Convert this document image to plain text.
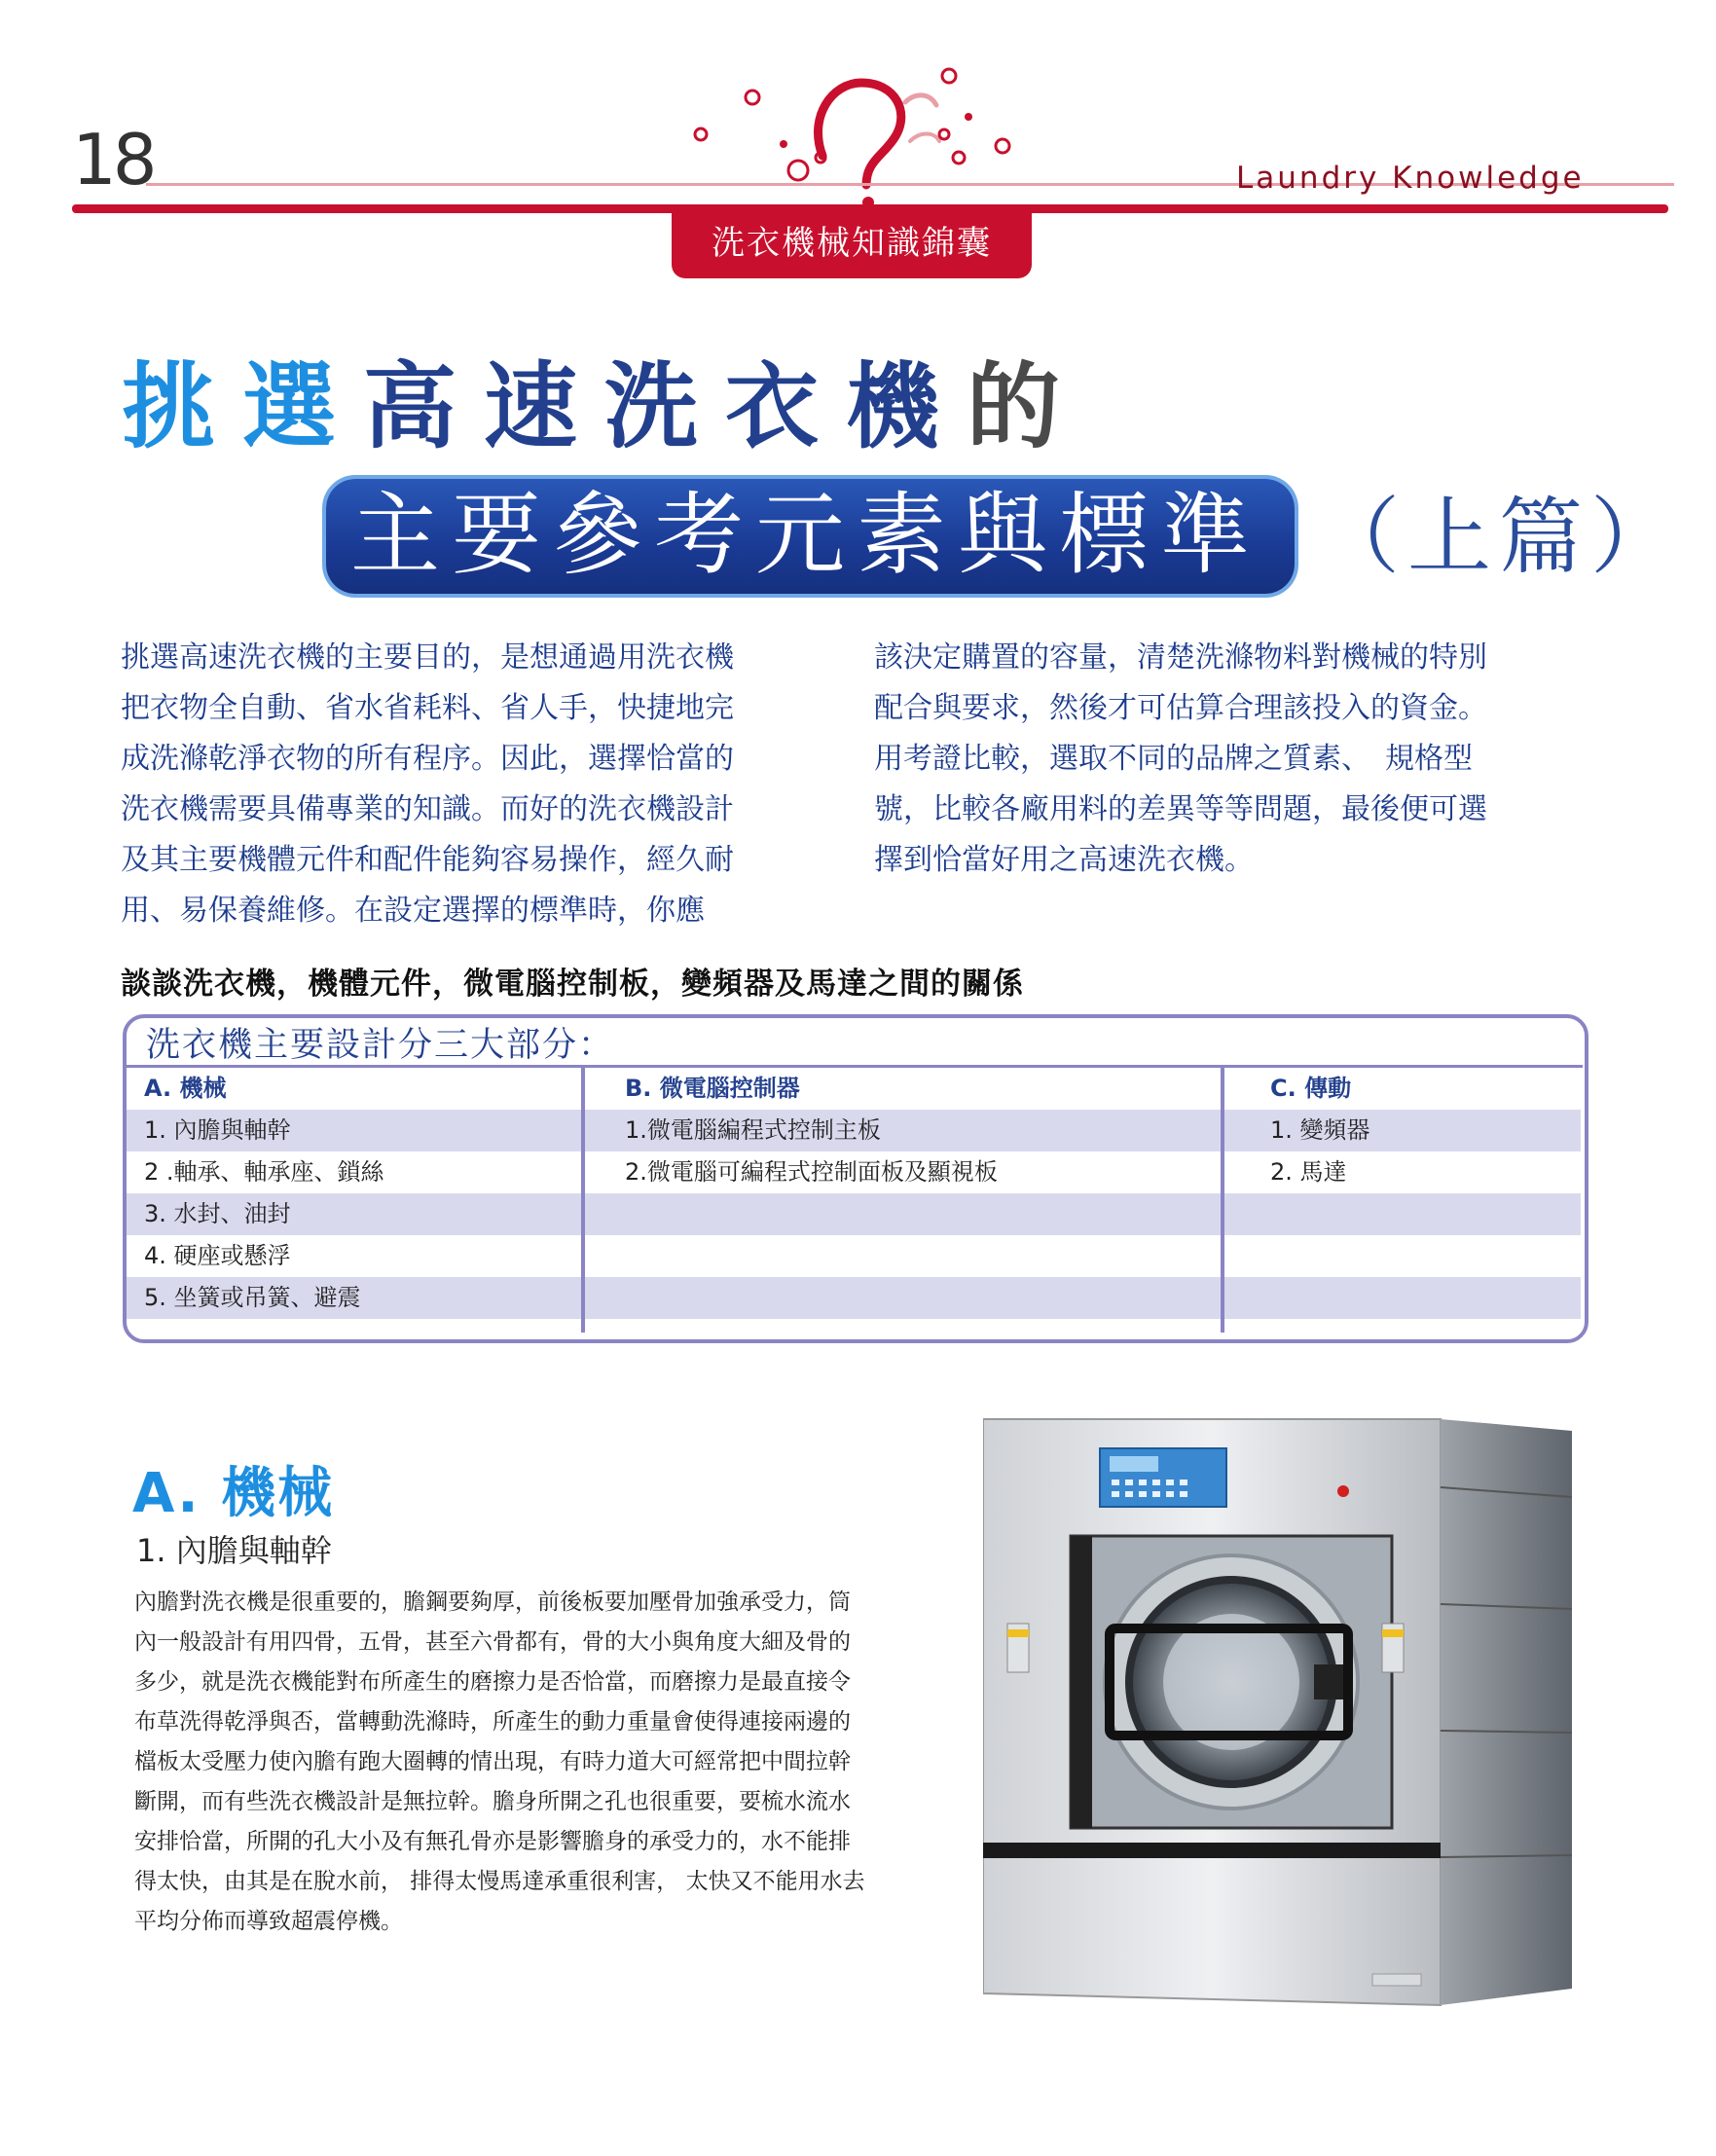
18	Laundry Knowledge
洗衣機械知識錦囊
挑選高速洗衣機的
主要參考元素與標準 （上篇）
挑選高速洗衣機的主要目的，是想通過用洗衣機
把衣物全自動、省水省耗料、省人手，快捷地完
成洗滌乾淨衣物的所有程序。因此，選擇恰當的
洗衣機需要具備專業的知識。而好的洗衣機設計
及其主要機體元件和配件能夠容易操作，經久耐
用、易保養維修。在設定選擇的標準時，你應
該決定購置的容量，清楚洗滌物料對機械的特別
配合與要求，然後才可估算合理該投入的資金。
用考證比較，選取不同的品牌之質素、　規格型
號，比較各廠用料的差異等等問題，最後便可選
擇到恰當好用之高速洗衣機。
談談洗衣機，機體元件，微電腦控制板，變頻器及馬達之間的關係
洗衣機主要設計分三大部分：
A. 機械
1. 內膽與軸幹
2 .軸承、軸承座、鎖絲
3. 水封、油封
4. 硬座或懸浮
5. 坐簧或吊簧、避震
B. 微電腦控制器
1.微電腦編程式控制主板
2.微電腦可編程式控制面板及顯視板
C. 傳動
1. 變頻器
2. 馬達
A. 機械
1. 內膽與軸幹
內膽對洗衣機是很重要的，膽鋼要夠厚，前後板要加壓骨加強承受力，筒
內一般設計有用四骨，五骨，甚至六骨都有，骨的大小與角度大細及骨的
多少，就是洗衣機能對布所產生的磨擦力是否恰當，而磨擦力是最直接令
布草洗得乾淨與否，當轉動洗滌時，所產生的動力重量會使得連接兩邊的
檔板太受壓力使內膽有跑大圈轉的情出現，有時力道大可經常把中間拉幹
斷開，而有些洗衣機設計是無拉幹。膽身所開之孔也很重要，要梳水流水
安排恰當，所開的孔大小及有無孔骨亦是影響膽身的承受力的，水不能排
得太快，由其是在脫水前， 排得太慢馬達承重很利害， 太快又不能用水去
平均分佈而導致超震停機。
